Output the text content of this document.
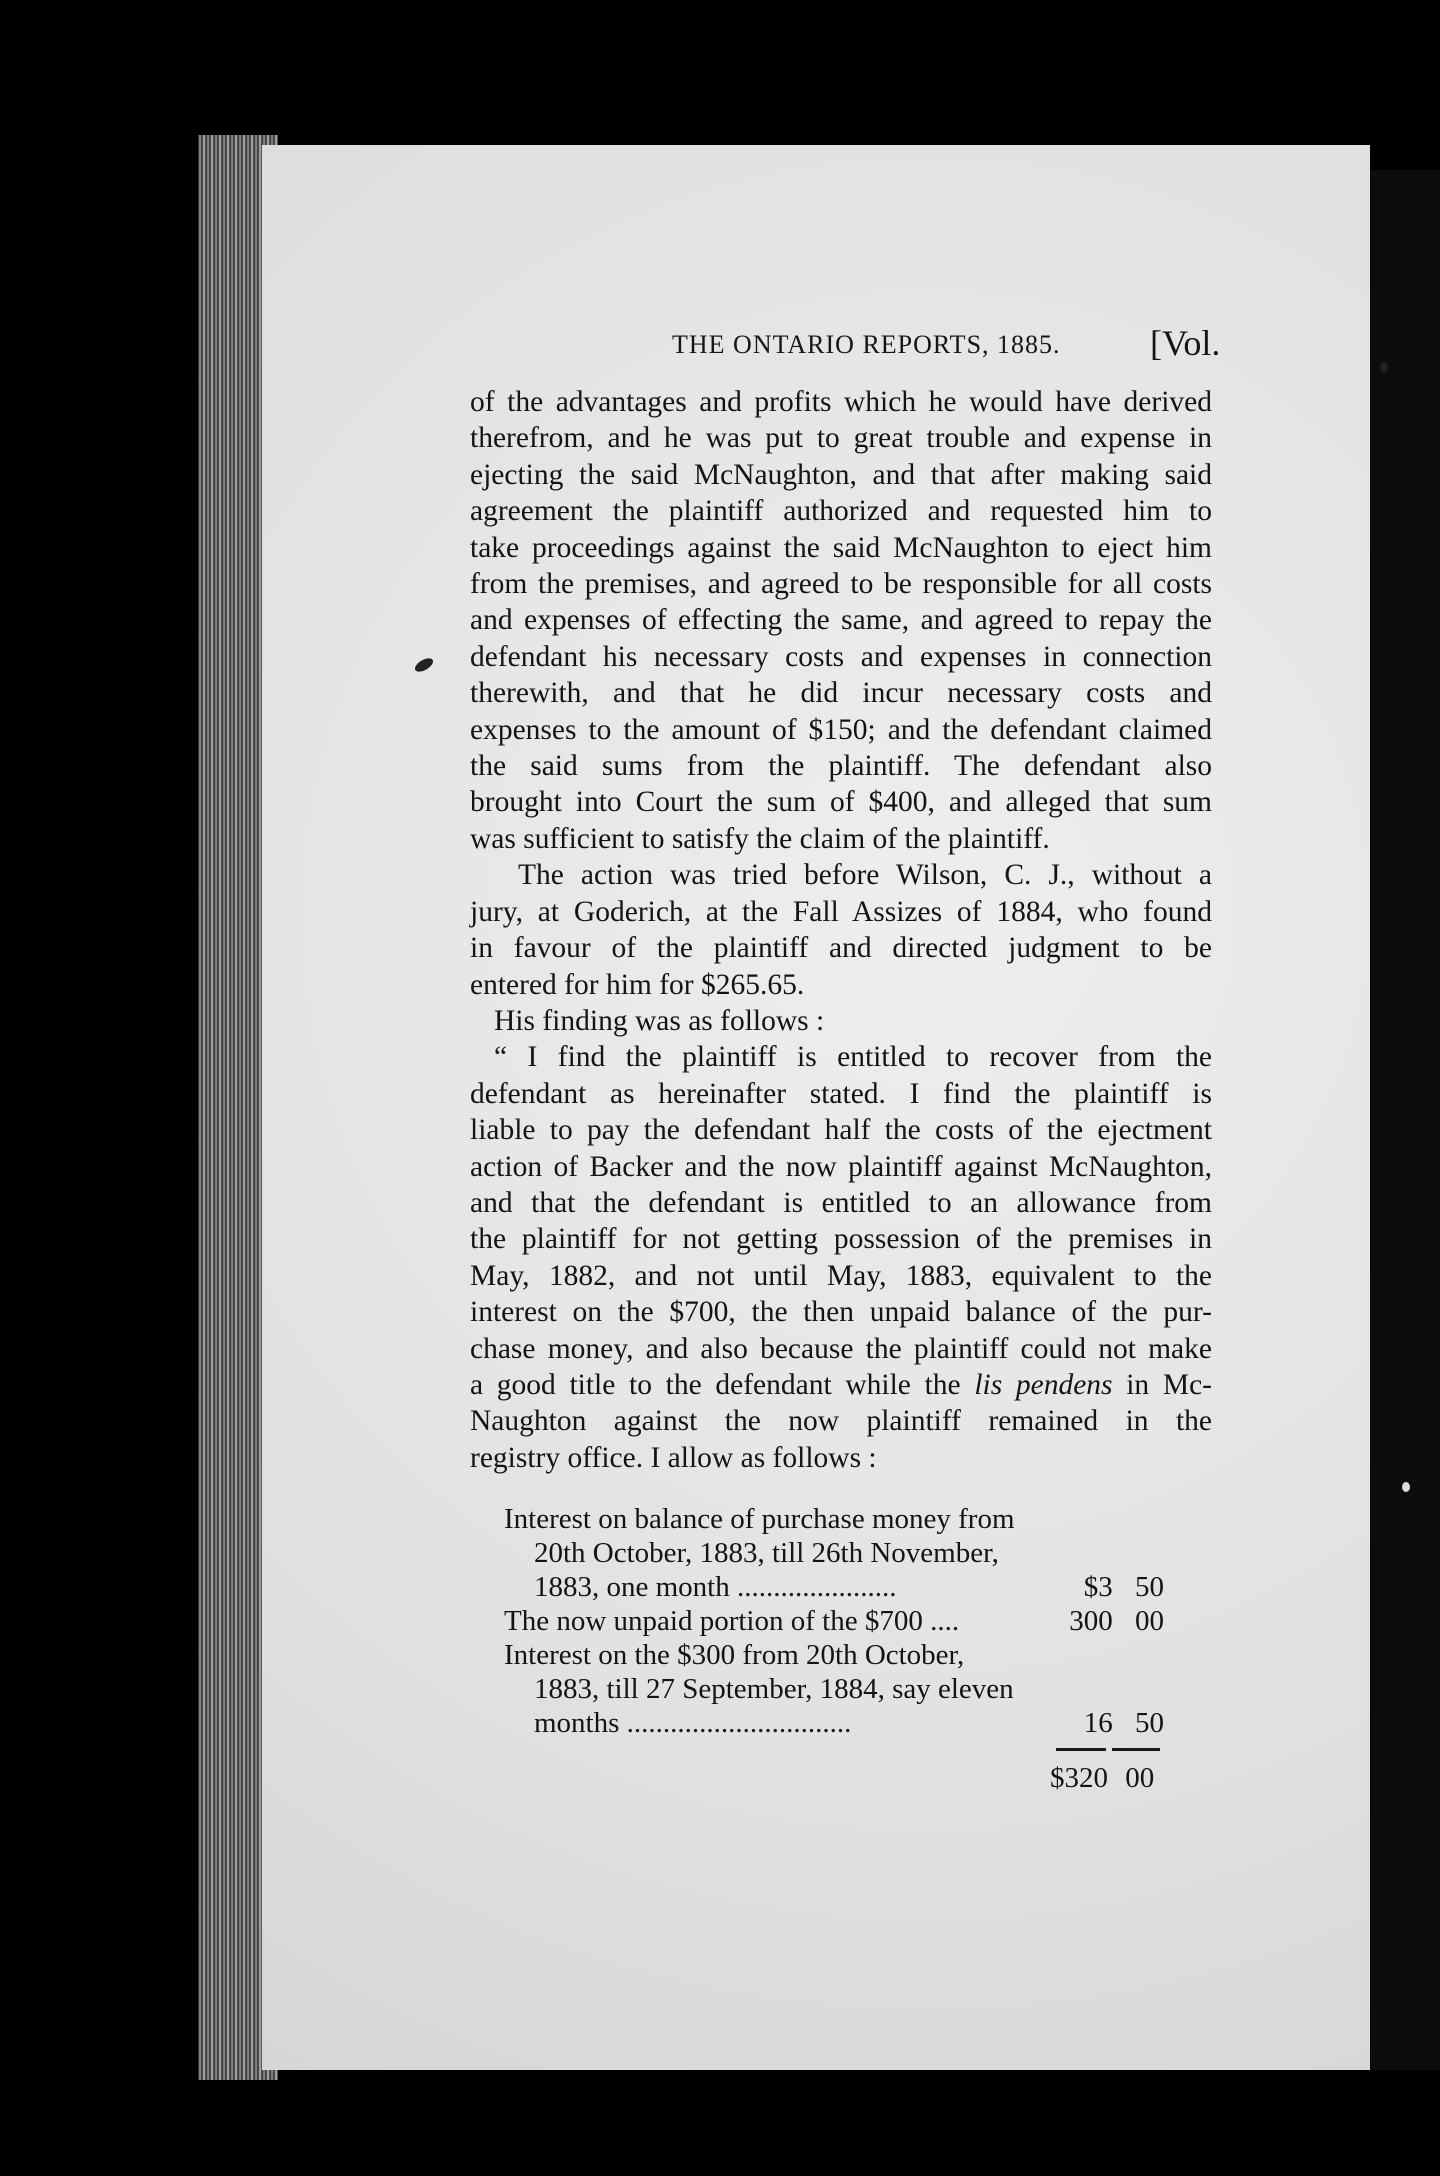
THE ONTARIO REPORTS, 1885. [Vol.

of the advantages and profits which he would have derived
therefrom, and he was put to great trouble and expense in
ejecting the said McNaughton, and that after making said
agreement the plaintiff authorized and requested him to
take proceedings against the said McNaughton to eject him
from the premises, and agreed to be responsible for all costs
and expenses of effecting the same, and agreed to repay the
defendant his necessary costs and expenses in connection
therewith, and that he did incur necessary costs and
expenses to the amount of $150; and the defendant claimed
the said sums from the plaintiff. The defendant also
brought into Court the sum of $400, and alleged that sum
was sufficient to satisfy the claim of the plaintiff.

The action was tried before Wilson, C. J., without a
jury, at Goderich, at the Fall Assizes of 1884, who found
in favour of the plaintiff and directed judgment to be
entered for him for $265.65.

His finding was as follows :

“ I find the plaintiff is entitled to recover from the
defendant as hereinafter stated. I find the plaintiff is
liable to pay the defendant half the costs of the ejectment
action of Backer and the now plaintiff against McNaughton,
and that the defendant is entitled to an allowance from
the plaintiff for not getting possession of the premises in
May, 1882, and not until May, 1883, equivalent to the
interest on the $700, the then unpaid balance of the pur-
chase money, and also because the plaintiff could not make
a good title to the defendant while the lis pendens in Mc-
Naughton against the now plaintiff remained in the
registry office. I allow as follows :

Interest on balance of purchase money from
20th October, 1883, till 26th November,
1883, one month ......................	$3 50
The now unpaid portion of the $700 ....	300 00
Interest on the $300 from 20th October,
1883, till 27 September, 1884, say eleven
months ...............................	16 50
$320 00
